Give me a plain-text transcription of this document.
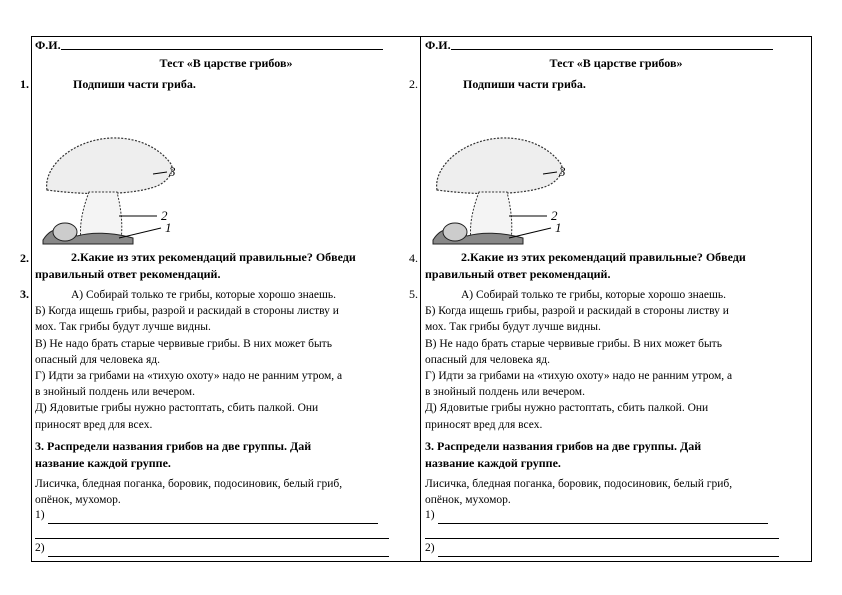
1.
2.
3.
2.
4.
5.
Ф.И.
Тест «В царстве грибов»
Подпиши части гриба.
3
2
1
2.Какие из этих рекомендаций правильные? Обведи
правильный ответ рекомендаций.
А) Собирай только те грибы, которые хорошо знаешь.
Б) Когда ищешь грибы, разрой и раскидай в стороны листву и
мох. Так грибы будут лучше видны.
В) Не надо брать старые червивые грибы. В них может быть
опасный для человека яд.
Г) Идти за грибами на «тихую охоту» надо не ранним утром, а
в знойный полдень или вечером.
Д) Ядовитые грибы нужно растоптать, сбить палкой. Они
приносят вред для всех.
3. Распредели названия грибов на две группы. Дай
название каждой группе.
Лисичка, бледная поганка, боровик, подосиновик, белый гриб,
опёнок, мухомор.
1)
2)
Ф.И.
Тест «В царстве грибов»
Подпиши части гриба.
3
2
1
2.Какие из этих рекомендаций правильные? Обведи
правильный ответ рекомендаций.
А) Собирай только те грибы, которые хорошо знаешь.
Б) Когда ищешь грибы, разрой и раскидай в стороны листву и
мох. Так грибы будут лучше видны.
В) Не надо брать старые червивые грибы. В них может быть
опасный для человека яд.
Г) Идти за грибами на «тихую охоту» надо не ранним утром, а
в знойный полдень или вечером.
Д) Ядовитые грибы нужно растоптать, сбить палкой. Они
приносят вред для всех.
3. Распредели названия грибов на две группы. Дай
название каждой группе.
Лисичка, бледная поганка, боровик, подосиновик, белый гриб,
опёнок, мухомор.
1)
2)
